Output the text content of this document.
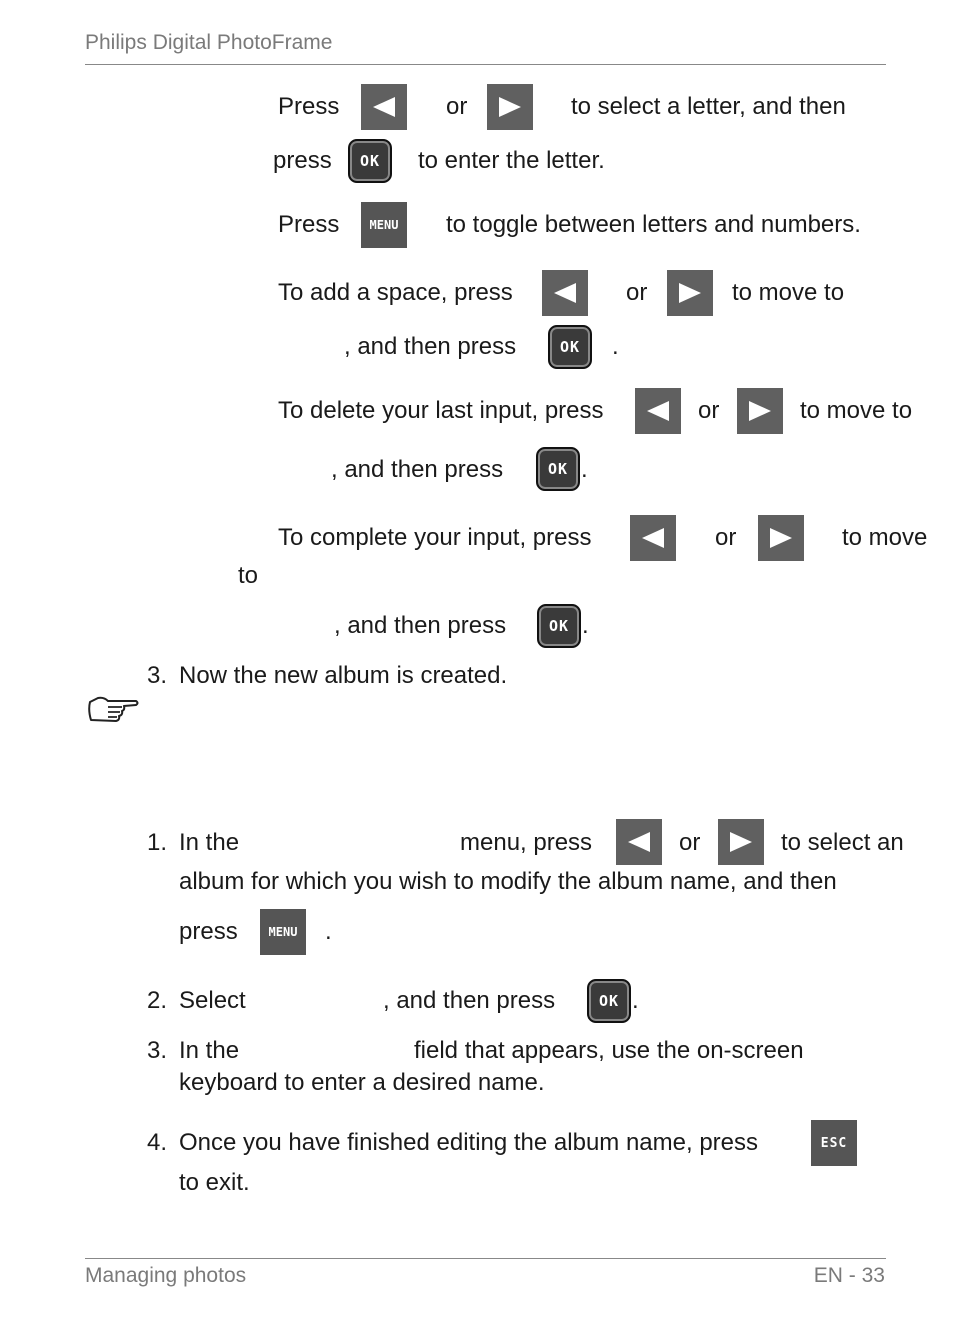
Philips Digital PhotoFrame
Press	or	to select a letter, and then
press	OK	to enter the letter.
Press	MENU	to toggle between letters and numbers.
To add a space, press	or	to move to
, and then press	OK	.
To delete your last input, press	or	to move to
, and then press	OK .
To complete your input, press	or	to move
to
, and then press	OK .
3. Now the new album is created.
1. In the	menu, press	or	to select an
album for which you wish to modify the album name, and then
press	MENU	.
2. Select	, and then press	OK .
3. In the	field that appears, use the on-screen
keyboard to enter a desired name.
4. Once you have finished editing the album name, press	ESC
to exit.
Managing photos	EN - 33
